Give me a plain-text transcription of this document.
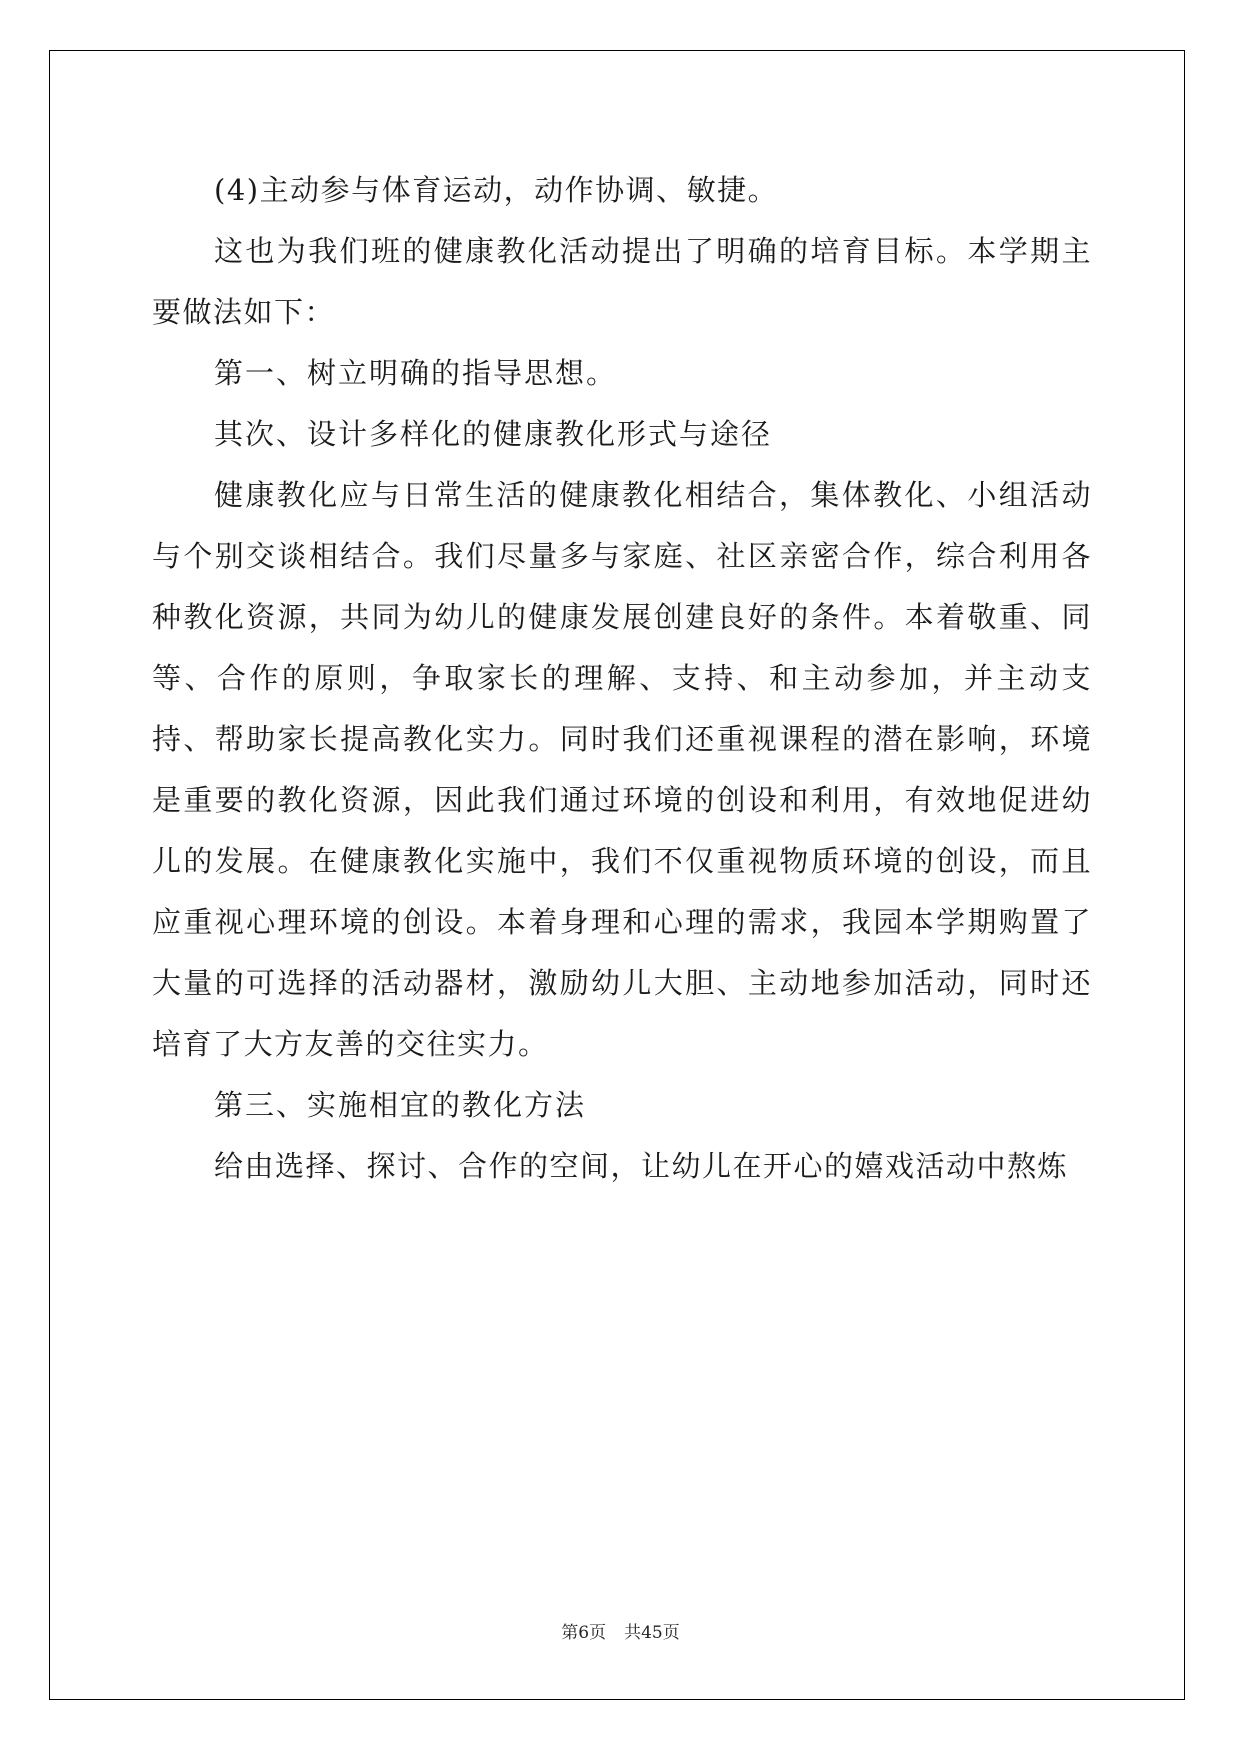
(4)主动参与体育运动，动作协调、敏捷。

这也为我们班的健康教化活动提出了明确的培育目标。本学期主要做法如下：

第一、树立明确的指导思想。

其次、设计多样化的健康教化形式与途径

健康教化应与日常生活的健康教化相结合，集体教化、小组活动与个别交谈相结合。我们尽量多与家庭、社区亲密合作，综合利用各种教化资源，共同为幼儿的健康发展创建良好的条件。本着敬重、同等、合作的原则，争取家长的理解、支持、和主动参加，并主动支持、帮助家长提高教化实力。同时我们还重视课程的潜在影响，环境是重要的教化资源，因此我们通过环境的创设和利用，有效地促进幼儿的发展。在健康教化实施中，我们不仅重视物质环境的创设，而且应重视心理环境的创设。本着身理和心理的需求，我园本学期购置了大量的可选择的活动器材，激励幼儿大胆、主动地参加活动，同时还培育了大方友善的交往实力。

第三、实施相宜的教化方法

给由选择、探讨、合作的空间，让幼儿在开心的嬉戏活动中熬炼

第6页 共45页
